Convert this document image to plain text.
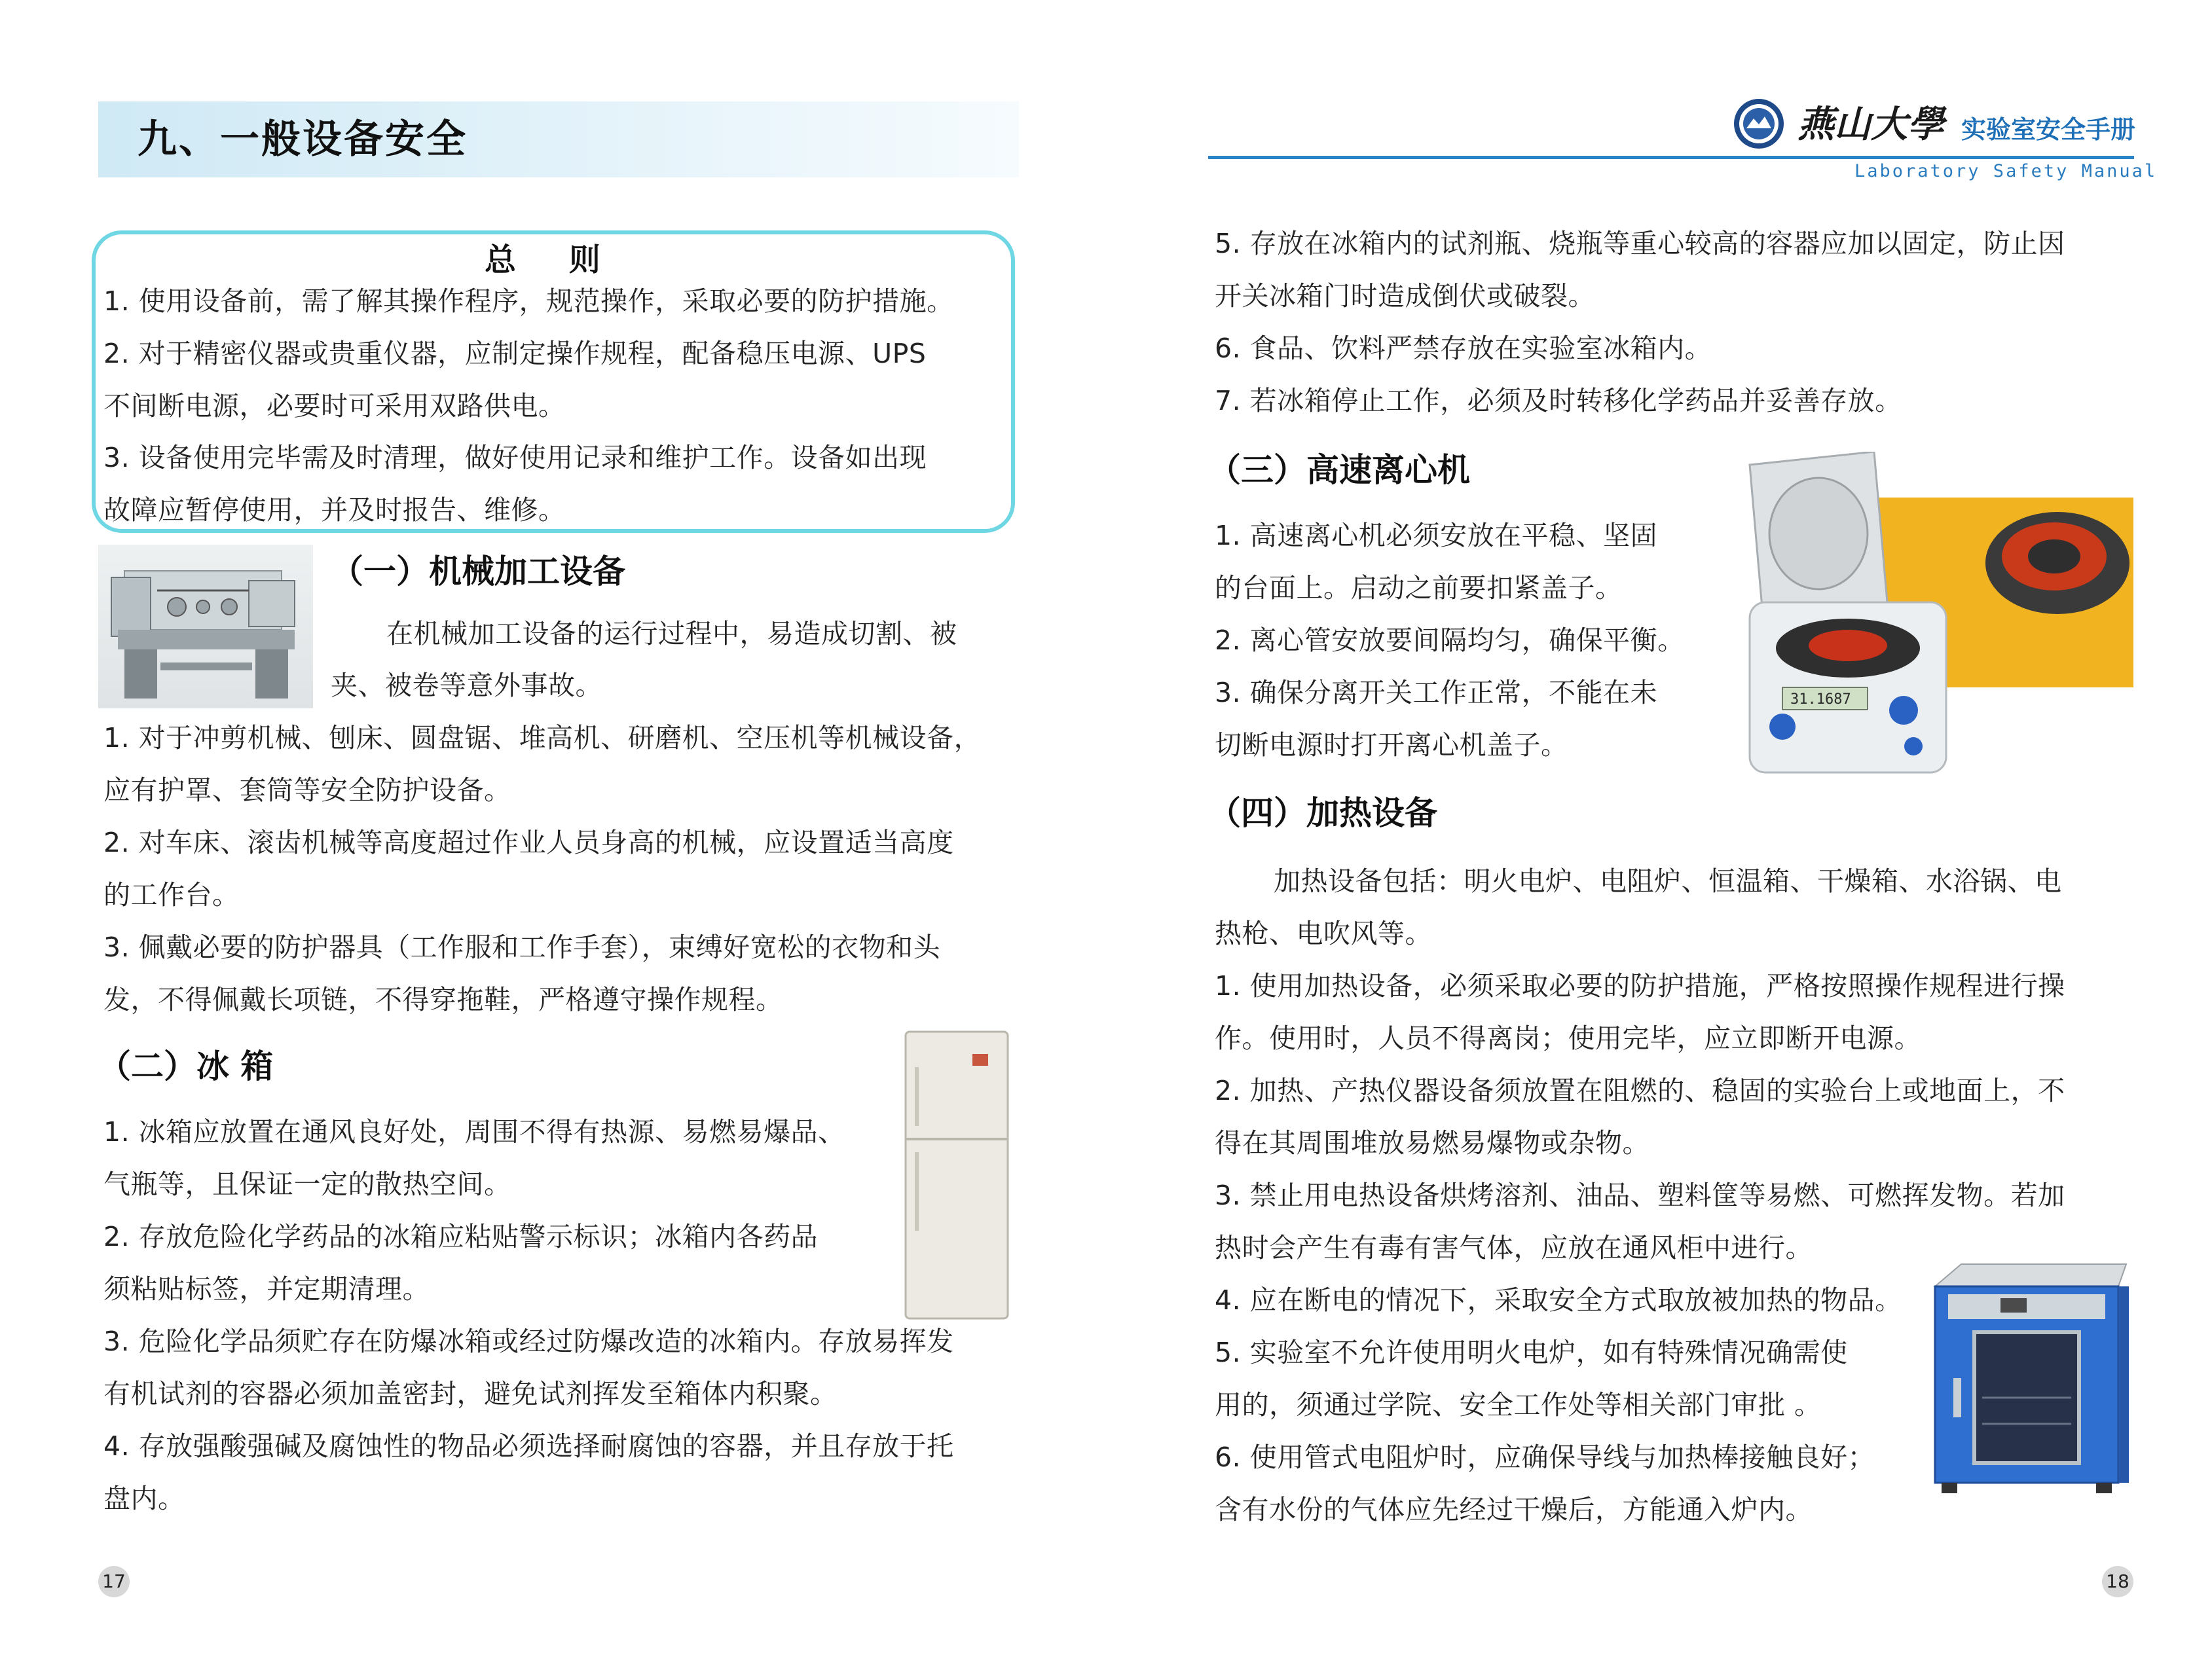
九、一般设备安全
总 则
1. 使用设备前，需了解其操作程序，规范操作，采取必要的防护措施。
2. 对于精密仪器或贵重仪器，应制定操作规程，配备稳压电源、UPS
不间断电源，必要时可采用双路供电。
3. 设备使用完毕需及时清理，做好使用记录和维护工作。设备如出现
故障应暂停使用，并及时报告、维修。
（一）机械加工设备
在机械加工设备的运行过程中，易造成切割、被
夹、被卷等意外事故。
1. 对于冲剪机械、刨床、圆盘锯、堆高机、研磨机、空压机等机械设备，
应有护罩、套筒等安全防护设备。
2. 对车床、滚齿机械等高度超过作业人员身高的机械，应设置适当高度
的工作台。
3. 佩戴必要的防护器具（工作服和工作手套），束缚好宽松的衣物和头
发，不得佩戴长项链，不得穿拖鞋，严格遵守操作规程。
（二）冰 箱
1. 冰箱应放置在通风良好处，周围不得有热源、易燃易爆品、
气瓶等，且保证一定的散热空间。
2. 存放危险化学药品的冰箱应粘贴警示标识；冰箱内各药品
须粘贴标签，并定期清理。
3. 危险化学品须贮存在防爆冰箱或经过防爆改造的冰箱内。存放易挥发
有机试剂的容器必须加盖密封，避免试剂挥发至箱体内积聚。
4. 存放强酸强碱及腐蚀性的物品必须选择耐腐蚀的容器，并且存放于托
盘内。
17
燕山大學 实验室安全手册
Laboratory Safety Manual
5. 存放在冰箱内的试剂瓶、烧瓶等重心较高的容器应加以固定，防止因
开关冰箱门时造成倒伏或破裂。
6. 食品、饮料严禁存放在实验室冰箱内。
7. 若冰箱停止工作，必须及时转移化学药品并妥善存放。
（三）高速离心机
31.1687
1. 高速离心机必须安放在平稳、坚固
的台面上。启动之前要扣紧盖子。
2. 离心管安放要间隔均匀，确保平衡。
3. 确保分离开关工作正常，不能在未
切断电源时打开离心机盖子。
（四）加热设备
加热设备包括：明火电炉、电阻炉、恒温箱、干燥箱、水浴锅、电
热枪、电吹风等。
1. 使用加热设备，必须采取必要的防护措施，严格按照操作规程进行操
作。使用时，人员不得离岗；使用完毕，应立即断开电源。
2. 加热、产热仪器设备须放置在阻燃的、稳固的实验台上或地面上，不
得在其周围堆放易燃易爆物或杂物。
3. 禁止用电热设备烘烤溶剂、油品、塑料筐等易燃、可燃挥发物。若加
热时会产生有毒有害气体，应放在通风柜中进行。
4. 应在断电的情况下，采取安全方式取放被加热的物品。
5. 实验室不允许使用明火电炉，如有特殊情况确需使
用的，须通过学院、安全工作处等相关部门审批 。
6. 使用管式电阻炉时，应确保导线与加热棒接触良好；
含有水份的气体应先经过干燥后，方能通入炉内。
18
